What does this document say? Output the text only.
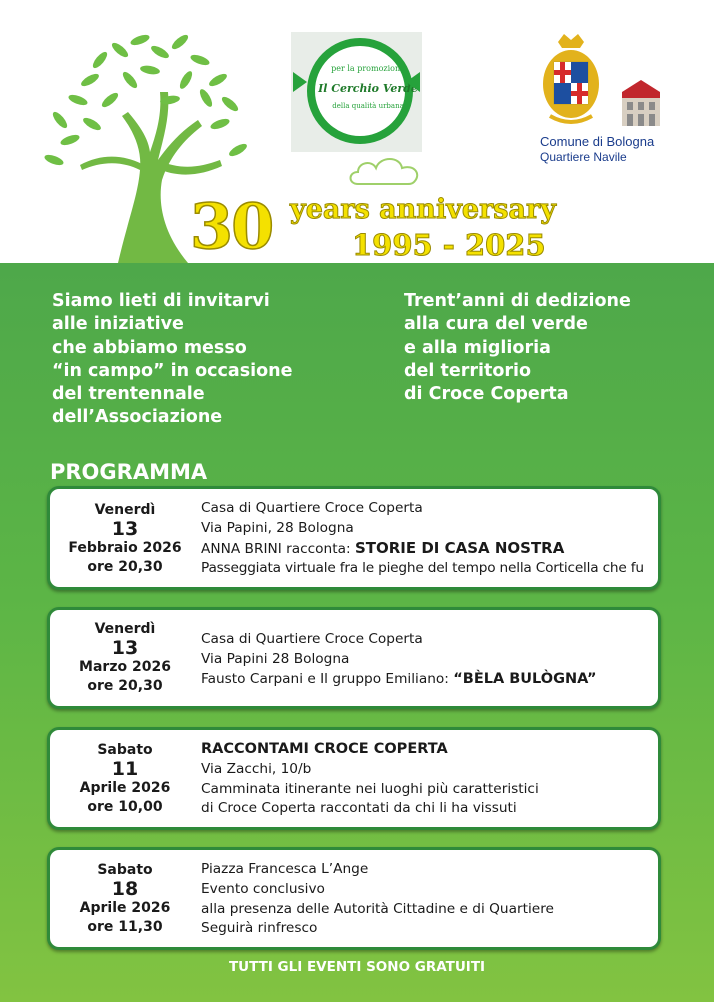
per la promozione
Il Cerchio Verde
della qualità urbana
Comune di Bologna
Quartiere Navile
30 years anniversary
1995 - 2025
Siamo lieti di invitarvi
alle iniziative
che abbiamo messo
“in campo” in occasione
del trentennale
dell’Associazione
Trent’anni di dedizione
alla cura del verde
e alla miglioria
del territorio
di Croce Coperta
PROGRAMMA
Venerdì
13
Febbraio 2026
ore 20,30
Casa di Quartiere Croce Coperta
Via Papini, 28 Bologna
ANNA BRINI racconta: STORIE DI CASA NOSTRA
Passeggiata virtuale fra le pieghe del tempo nella Corticella che fu
Venerdì
13
Marzo 2026
ore 20,30
Casa di Quartiere Croce Coperta
Via Papini 28 Bologna
Fausto Carpani e Il gruppo Emiliano: “BÈLA BULÒGNA”
Sabato
11
Aprile 2026
ore 10,00
RACCONTAMI CROCE COPERTA
Via Zacchi, 10/b
Camminata itinerante nei luoghi più caratteristici
di Croce Coperta raccontati da chi li ha vissuti
Sabato
18
Aprile 2026
ore 11,30
Piazza Francesca L’Ange
Evento conclusivo
alla presenza delle Autorità Cittadine e di Quartiere
Seguirà rinfresco
TUTTI GLI EVENTI SONO GRATUITI
